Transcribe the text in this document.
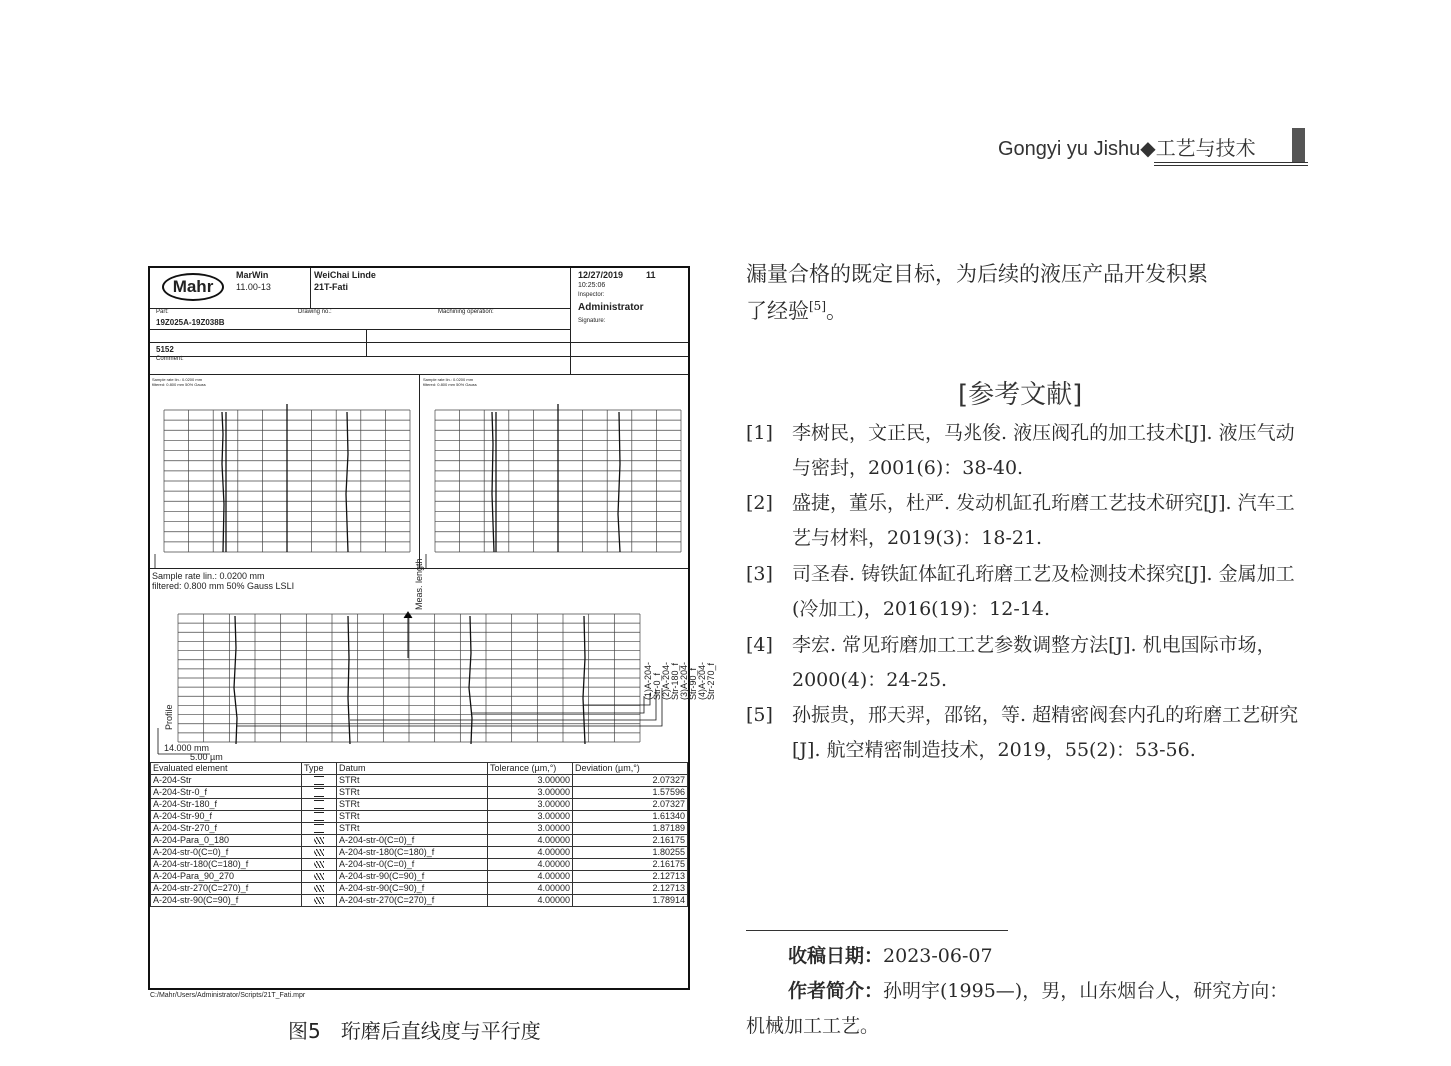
Gongyi yu Jishu◆工艺与技术
漏量合格的既定目标，为后续的液压产品开发积累
了经验[5]。
[参考文献]
[1]	李树民，文正民，马兆俊. 液压阀孔的加工技术[J]. 液压气动与密封，2001(6)：38-40.
[2]	盛捷，董乐，杜严. 发动机缸孔珩磨工艺技术研究[J]. 汽车工艺与材料，2019(3)：18-21.
[3]	司圣春. 铸铁缸体缸孔珩磨工艺及检测技术探究[J]. 金属加工(冷加工)，2016(19)：12-14.
[4]	李宏. 常见珩磨加工工艺参数调整方法[J]. 机电国际市场，2000(4)：24-25.
[5]	孙振贵，邢天羿，邵铭，等. 超精密阀套内孔的珩磨工艺研究[J]. 航空精密制造技术，2019，55(2)：53-56.
收稿日期：2023-06-07
作者简介：孙明宇(1995—)，男，山东烟台人，研究方向：
机械加工工艺。
Mahr
MarWin
11.00-13
WeiChai Linde
21T-Fati
12/27/2019	11
10:25:06
Inspector:
Administrator
Signature:
Part:	Drawing no.:	Machining operation:
19Z025A-19Z038B
5152
Comment:
Sample rate lin.: 0.0200 mm
filtered: 0.800 mm 50% Gauss
Sample rate lin.: 0.0200 mm
filtered: 0.800 mm 50% Gauss
Sample rate lin.: 0.0200 mm
filtered: 0.800 mm 50% Gauss LSLI	Meas. length
Profile
14.000 mm
5.00 µm
(1)A-204-Str-0_f (2)A-204-Str-180_f (3)A-204-Str-90_f (4)A-204-Str-270_f
Evaluated element	Type	Datum	Tolerance (µm,°)	Deviation (µm,°)
A-204-Str		STRt	3.00000	2.07327
A-204-Str-0_f		STRt	3.00000	1.57596
A-204-Str-180_f		STRt	3.00000	2.07327
A-204-Str-90_f		STRt	3.00000	1.61340
A-204-Str-270_f		STRt	3.00000	1.87189
A-204-Para_0_180		A-204-str-0(C=0)_f	4.00000	2.16175
A-204-str-0(C=0)_f		A-204-str-180(C=180)_f	4.00000	1.80255
A-204-str-180(C=180)_f		A-204-str-0(C=0)_f	4.00000	2.16175
A-204-Para_90_270		A-204-str-90(C=90)_f	4.00000	2.12713
A-204-str-270(C=270)_f		A-204-str-90(C=90)_f	4.00000	2.12713
A-204-str-90(C=90)_f		A-204-str-270(C=270)_f	4.00000	1.78914
C:/Mahr/Users/Administrator/Scripts/21T_Fati.mpr
图5　珩磨后直线度与平行度
